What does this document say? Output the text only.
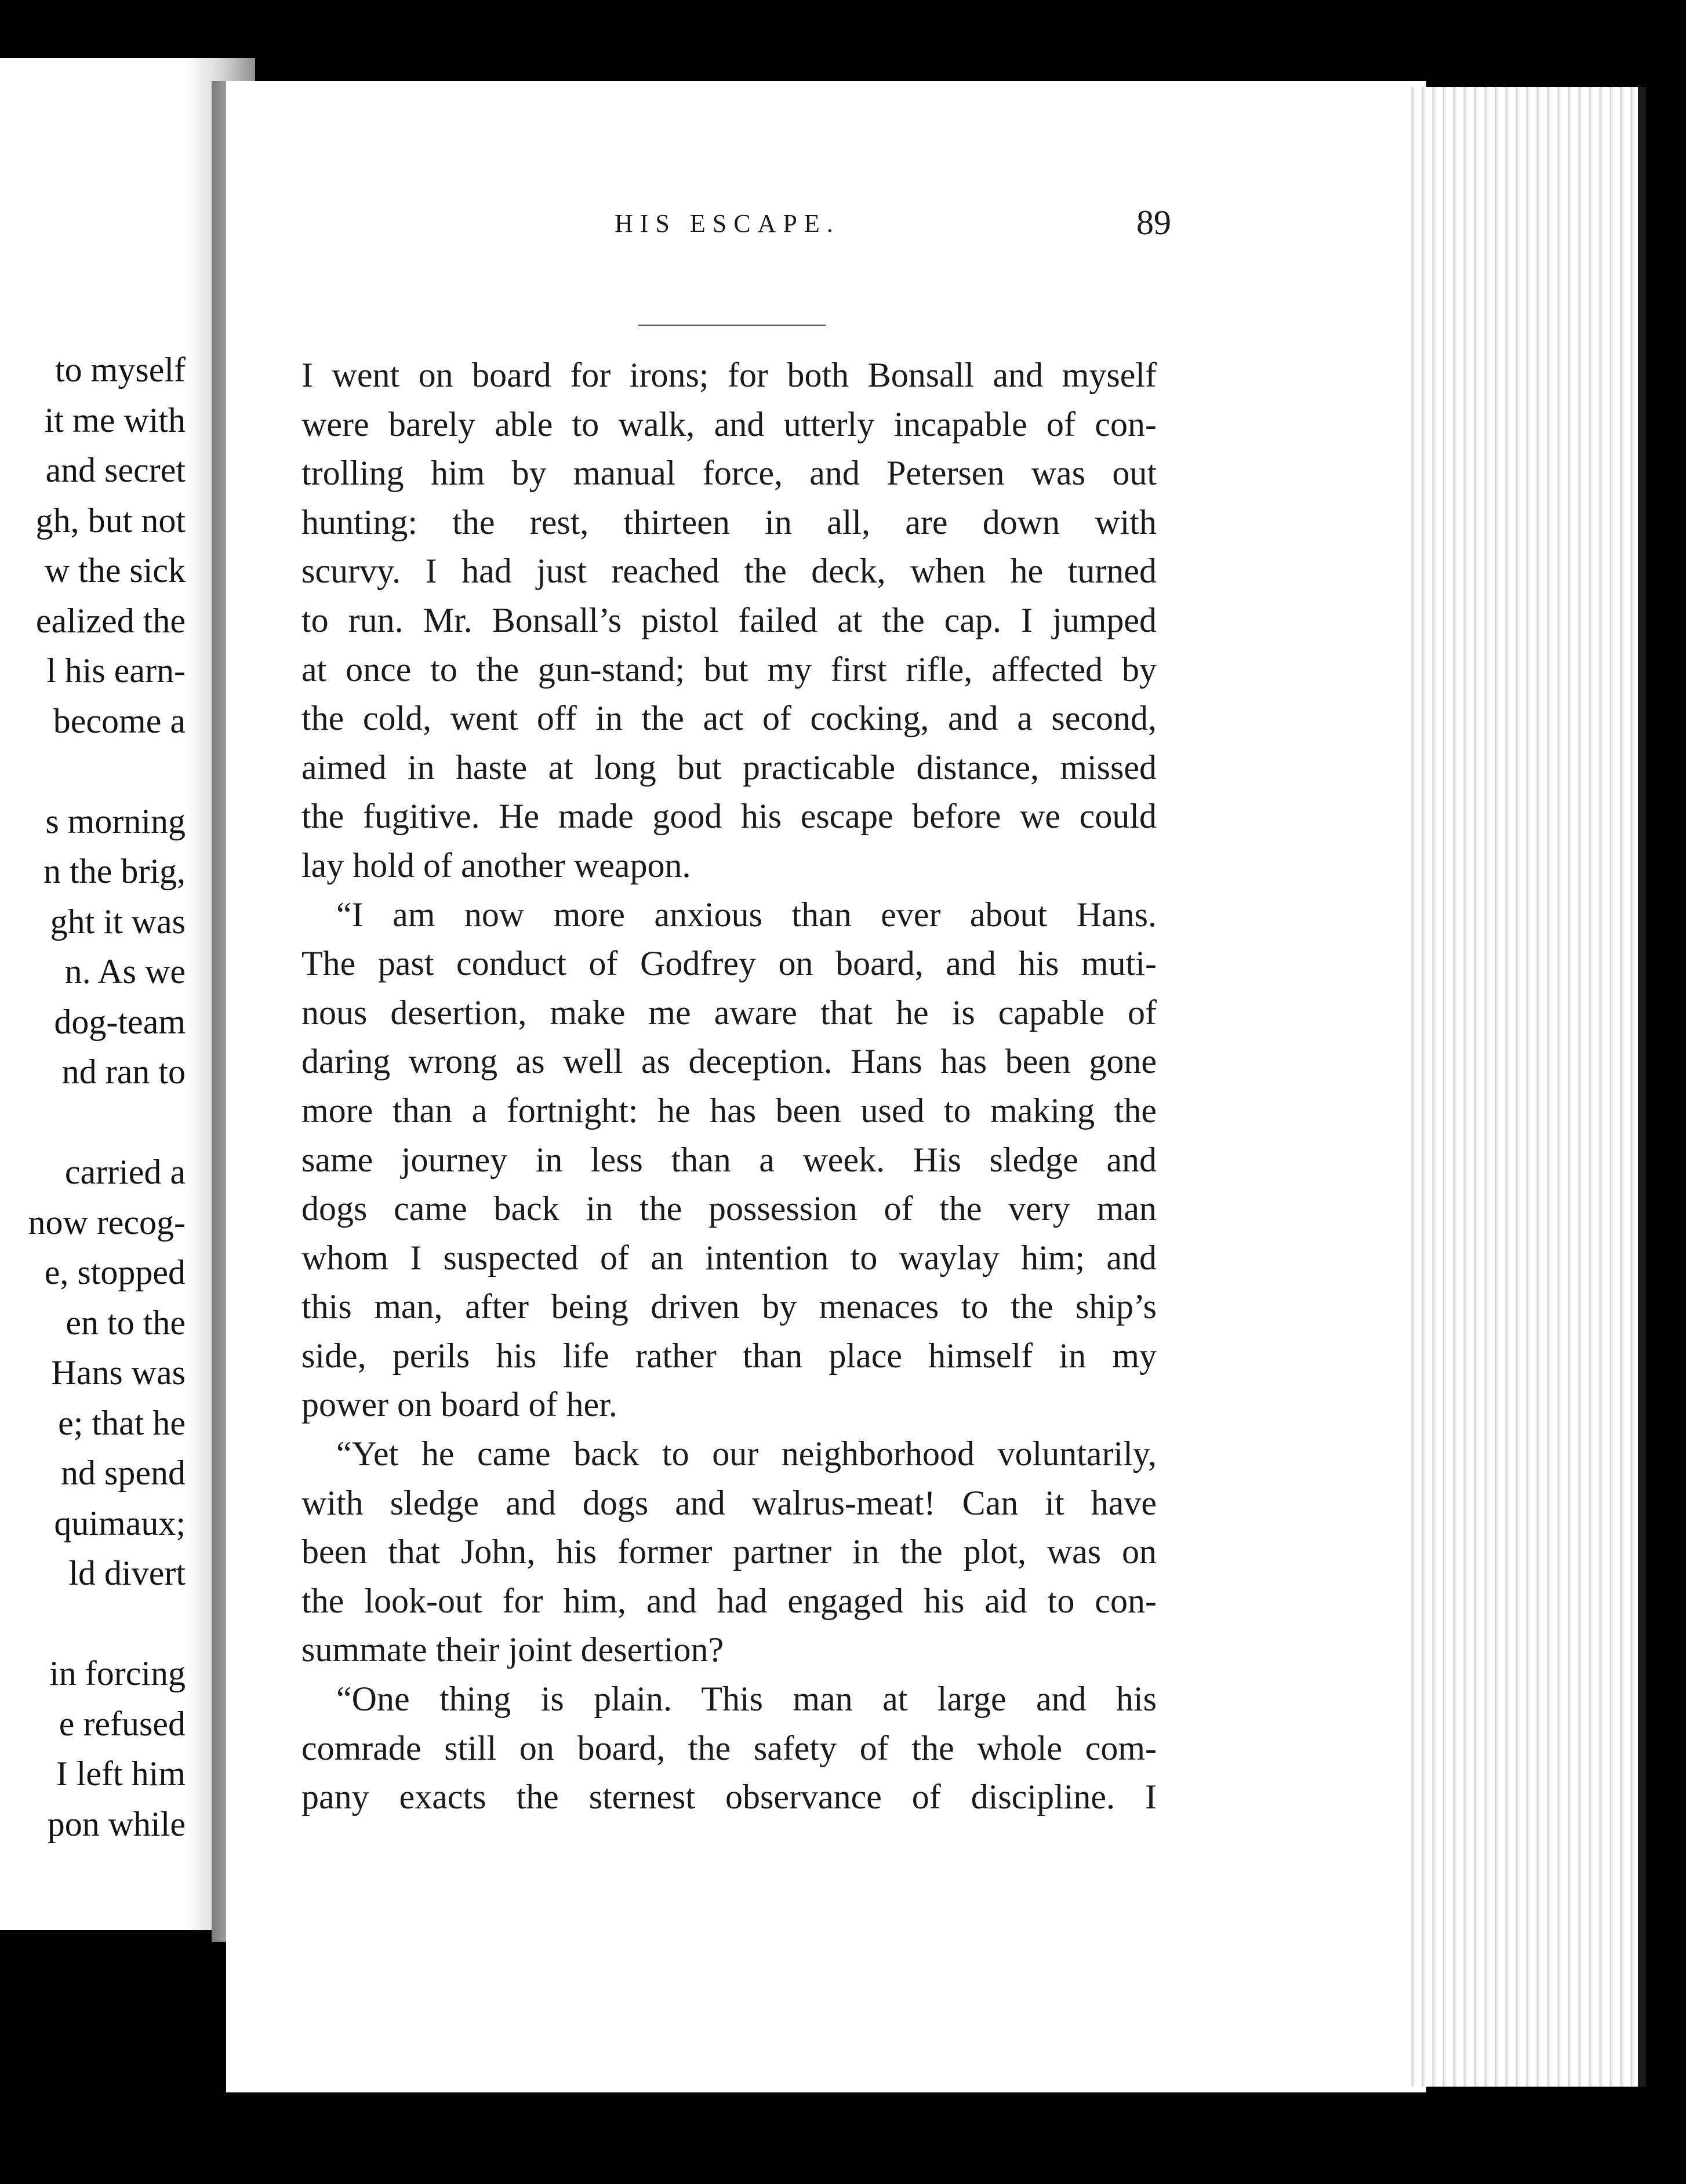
to myself
it me with
and secret
gh, but not
w the sick
ealized the
l his earn-
become a
s morning
n the brig,
ght it was
n. As we
dog-team
nd ran to
carried a
now recog-
e, stopped
en to the
Hans was
e; that he
nd spend
quimaux;
ld divert
in forcing
e refused
I left him
pon while
HIS ESCAPE.	89
I went on board for irons; for both Bonsall and myself
were barely able to walk, and utterly incapable of con-
trolling him by manual force, and Petersen was out
hunting: the rest, thirteen in all, are down with
scurvy. I had just reached the deck, when he turned
to run. Mr. Bonsall’s pistol failed at the cap. I jumped
at once to the gun-stand; but my first rifle, affected by
the cold, went off in the act of cocking, and a second,
aimed in haste at long but practicable distance, missed
the fugitive. He made good his escape before we could
lay hold of another weapon.
“I am now more anxious than ever about Hans.
The past conduct of Godfrey on board, and his muti-
nous desertion, make me aware that he is capable of
daring wrong as well as deception. Hans has been gone
more than a fortnight: he has been used to making the
same journey in less than a week. His sledge and
dogs came back in the possession of the very man
whom I suspected of an intention to waylay him; and
this man, after being driven by menaces to the ship’s
side, perils his life rather than place himself in my
power on board of her.
“Yet he came back to our neighborhood voluntarily,
with sledge and dogs and walrus-meat! Can it have
been that John, his former partner in the plot, was on
the look-out for him, and had engaged his aid to con-
summate their joint desertion?
“One thing is plain. This man at large and his
comrade still on board, the safety of the whole com-
pany exacts the sternest observance of discipline. I
